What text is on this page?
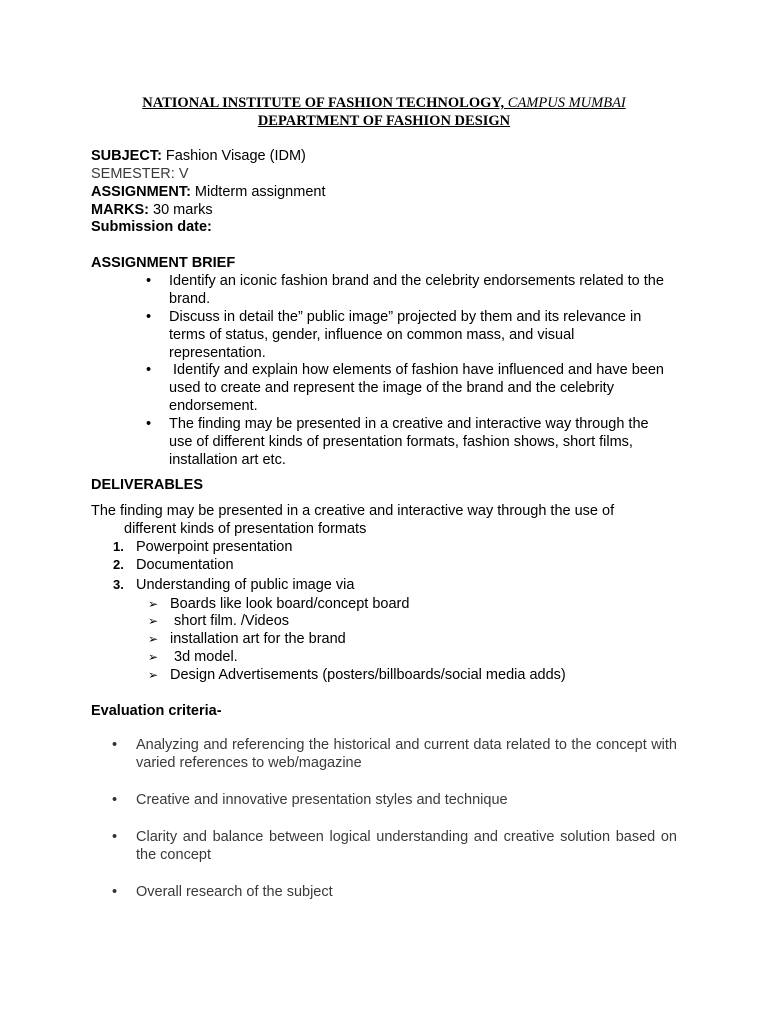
NATIONAL INSTITUTE OF FASHION TECHNOLOGY, CAMPUS MUMBAI
DEPARTMENT OF FASHION DESIGN
SUBJECT: Fashion Visage (IDM)
SEMESTER: V
ASSIGNMENT: Midterm assignment
MARKS: 30 marks
Submission date:
ASSIGNMENT BRIEF
• Identify an iconic fashion brand and the celebrity endorsements related to the brand.
• Discuss in detail the” public image” projected by them and its relevance in terms of status, gender, influence on common mass, and visual representation.
• Identify and explain how elements of fashion have influenced and have been used to create and represent the image of the brand and the celebrity endorsement.
• The finding may be presented in a creative and interactive way through the use of different kinds of presentation formats, fashion shows, short films, installation art etc.
DELIVERABLES
The finding may be presented in a creative and interactive way through the use of
different kinds of presentation formats
1. Powerpoint presentation
2. Documentation
3. Understanding of public image via
➢ Boards like look board/concept board
➢ short film. /Videos
➢ installation art for the brand
➢ 3d model.
➢ Design Advertisements (posters/billboards/social media adds)
Evaluation criteria-
• Analyzing and referencing the historical and current data related to the concept with varied references to web/magazine
• Creative and innovative presentation styles and technique
• Clarity and balance between logical understanding and creative solution based on the concept
• Overall research of the subject
